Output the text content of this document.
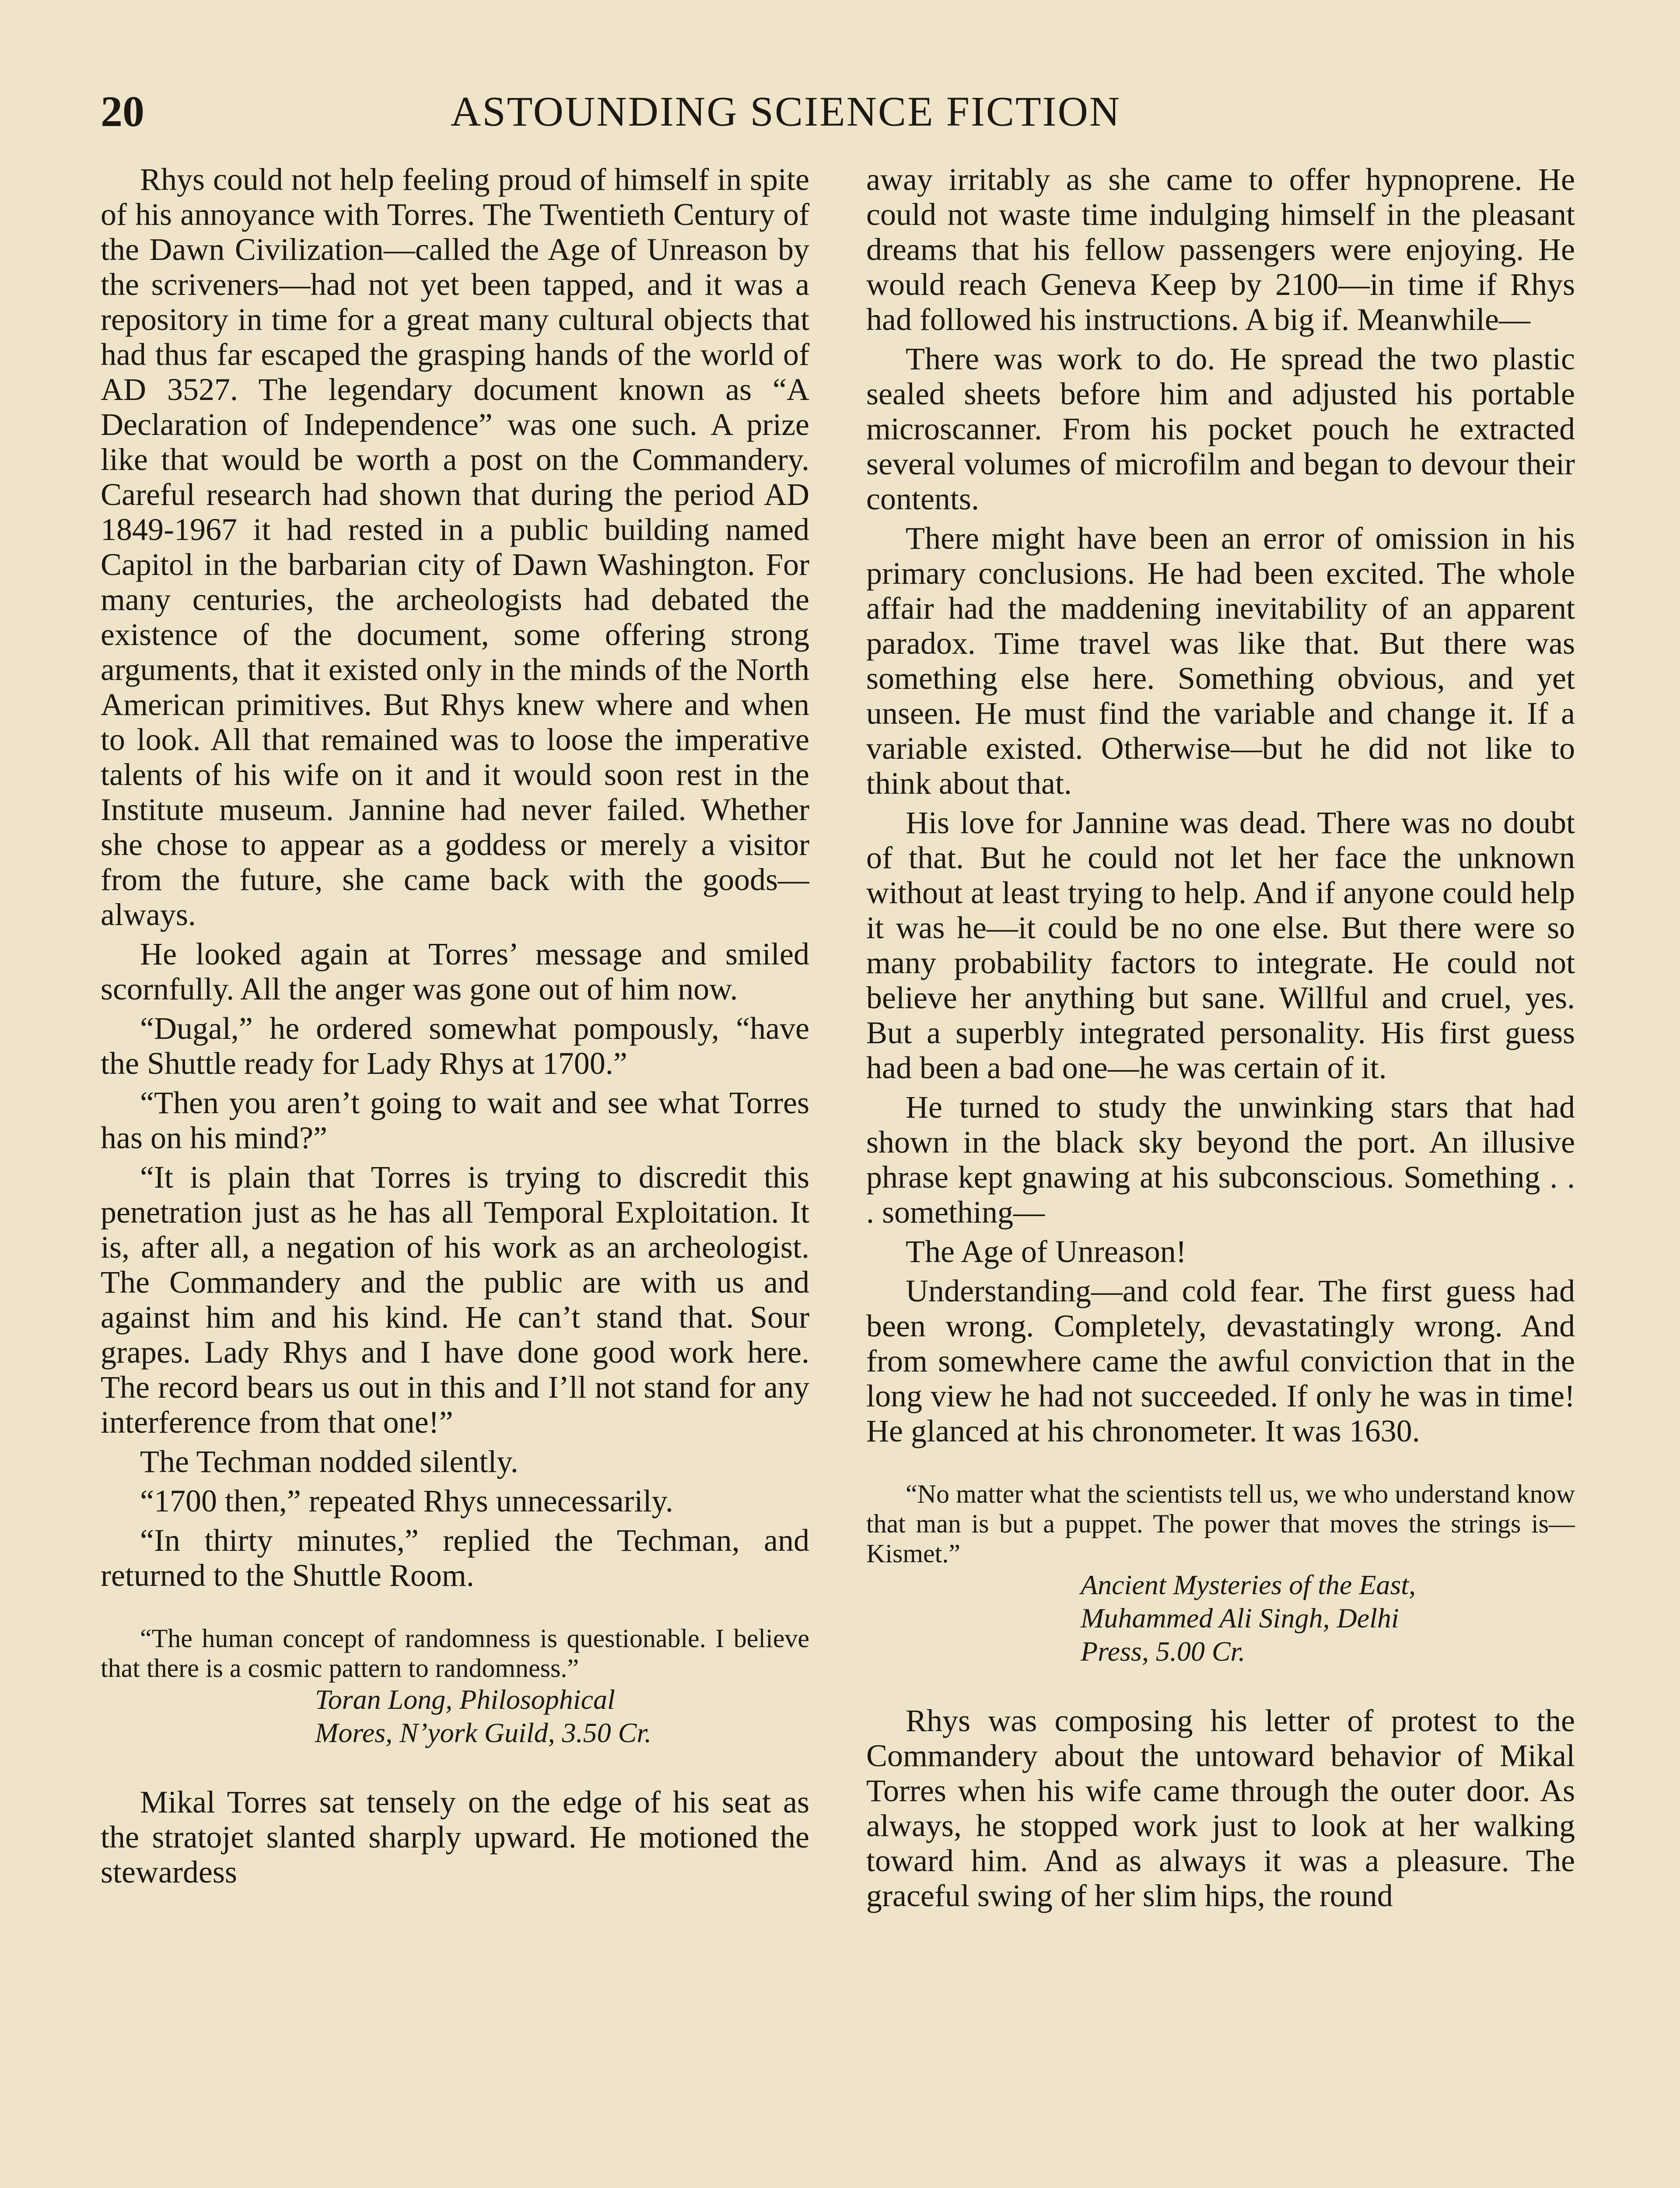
20	ASTOUNDING SCIENCE FICTION

Rhys could not help feeling proud of himself in spite of his annoyance with Torres. The Twentieth Century of the Dawn Civilization—called the Age of Unreason by the scriveners—had not yet been tapped, and it was a repository in time for a great many cultural objects that had thus far escaped the grasping hands of the world of AD 3527. The legendary document known as “A Declaration of Independence” was one such. A prize like that would be worth a post on the Commandery. Careful research had shown that during the period AD 1849-1967 it had rested in a public building named Capitol in the barbarian city of Dawn Washington. For many centuries, the archeologists had debated the existence of the document, some offering strong arguments, that it existed only in the minds of the North American primitives. But Rhys knew where and when to look. All that remained was to loose the imperative talents of his wife on it and it would soon rest in the Institute museum. Jannine had never failed. Whether she chose to appear as a goddess or merely a visitor from the future, she came back with the goods—always.

He looked again at Torres’ message and smiled scornfully. All the anger was gone out of him now.

“Dugal,” he ordered somewhat pompously, “have the Shuttle ready for Lady Rhys at 1700.”

“Then you aren’t going to wait and see what Torres has on his mind?”

“It is plain that Torres is trying to discredit this penetration just as he has all Temporal Exploitation. It is, after all, a negation of his work as an archeologist. The Commandery and the public are with us and against him and his kind. He can’t stand that. Sour grapes. Lady Rhys and I have done good work here. The record bears us out in this and I’ll not stand for any interference from that one!”

The Techman nodded silently.

“1700 then,” repeated Rhys unnecessarily.

“In thirty minutes,” replied the Techman, and returned to the Shuttle Room.

“The human concept of randomness is questionable. I believe that there is a cosmic pattern to randomness.”

Toran Long, Philosophical

Mores, N’york Guild, 3.50 Cr.

Mikal Torres sat tensely on the edge of his seat as the stratojet slanted sharply upward. He motioned the stewardess

away irritably as she came to offer hypnoprene. He could not waste time indulging himself in the pleasant dreams that his fellow passengers were enjoying. He would reach Geneva Keep by 2100—in time if Rhys had followed his instructions. A big if. Meanwhile—

There was work to do. He spread the two plastic sealed sheets before him and adjusted his portable microscanner. From his pocket pouch he extracted several volumes of microfilm and began to devour their contents.

There might have been an error of omission in his primary conclusions. He had been excited. The whole affair had the maddening inevitability of an apparent paradox. Time travel was like that. But there was something else here. Something obvious, and yet unseen. He must find the variable and change it. If a variable existed. Otherwise—but he did not like to think about that.

His love for Jannine was dead. There was no doubt of that. But he could not let her face the unknown without at least trying to help. And if anyone could help it was he—it could be no one else. But there were so many probability factors to integrate. He could not believe her anything but sane. Willful and cruel, yes. But a superbly integrated personality. His first guess had been a bad one—he was certain of it.

He turned to study the unwinking stars that had shown in the black sky beyond the port. An illusive phrase kept gnawing at his subconscious. Something . . . something—

The Age of Unreason!

Understanding—and cold fear. The first guess had been wrong. Completely, devastatingly wrong. And from somewhere came the awful conviction that in the long view he had not succeeded. If only he was in time! He glanced at his chronometer. It was 1630.

“No matter what the scientists tell us, we who understand know that man is but a puppet. The power that moves the strings is—Kismet.”

Ancient Mysteries of the East,

Muhammed Ali Singh, Delhi

Press, 5.00 Cr.

Rhys was composing his letter of protest to the Commandery about the untoward behavior of Mikal Torres when his wife came through the outer door. As always, he stopped work just to look at her walking toward him. And as always it was a pleasure. The graceful swing of her slim hips, the round
